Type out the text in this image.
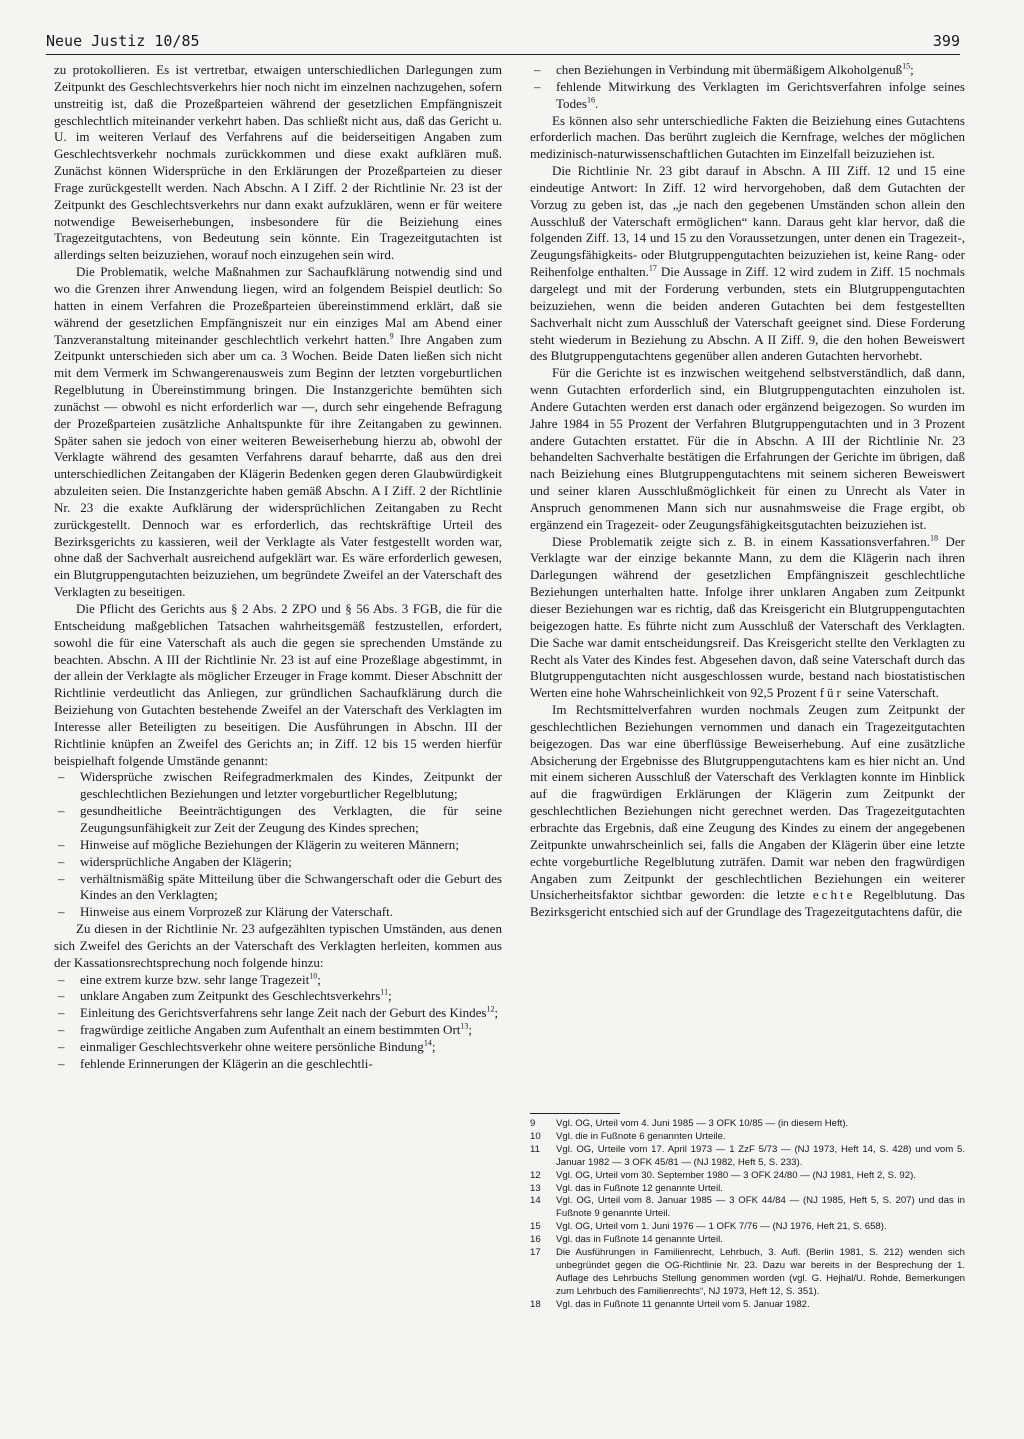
Neue Justiz 10/85	399

zu protokollieren. Es ist vertretbar, etwaigen unterschiedlichen Darlegungen zum Zeitpunkt des Geschlechtsverkehrs hier noch nicht im einzelnen nachzugehen, sofern unstreitig ist, daß die Prozeßparteien während der gesetzlichen Empfängniszeit geschlechtlich miteinander verkehrt haben. Das schließt nicht aus, daß das Gericht u. U. im weiteren Verlauf des Verfahrens auf die beiderseitigen Angaben zum Geschlechtsverkehr nochmals zurückkommen und diese exakt aufklären muß. Zunächst können Widersprüche in den Erklärungen der Prozeßparteien zu dieser Frage zurückgestellt werden. Nach Abschn. A I Ziff. 2 der Richtlinie Nr. 23 ist der Zeitpunkt des Geschlechtsverkehrs nur dann exakt aufzuklären, wenn er für weitere notwendige Beweiserhebungen, insbesondere für die Beiziehung eines Tragezeitgutachtens, von Bedeutung sein könnte. Ein Tragezeitgutachten ist allerdings selten beizuziehen, worauf noch einzugehen sein wird.

Die Problematik, welche Maßnahmen zur Sachaufklärung notwendig sind und wo die Grenzen ihrer Anwendung liegen, wird an folgendem Beispiel deutlich: So hatten in einem Verfahren die Prozeßparteien übereinstimmend erklärt, daß sie während der gesetzlichen Empfängniszeit nur ein einziges Mal am Abend einer Tanzveranstaltung miteinander geschlechtlich verkehrt hatten.$^9$ Ihre Angaben zum Zeitpunkt unterschieden sich aber um ca. 3 Wochen. Beide Daten ließen sich nicht mit dem Vermerk im Schwangerenausweis zum Beginn der letzten vorgeburtlichen Regelblutung in Übereinstimmung bringen. Die Instanzgerichte bemühten sich zunächst — obwohl es nicht erforderlich war —, durch sehr eingehende Befragung der Prozeßparteien zusätzliche Anhaltspunkte für ihre Zeitangaben zu gewinnen. Später sahen sie jedoch von einer weiteren Beweiserhebung hierzu ab, obwohl der Verklagte während des gesamten Verfahrens darauf beharrte, daß aus den drei unterschiedlichen Zeitangaben der Klägerin Bedenken gegen deren Glaubwürdigkeit abzuleiten seien. Die Instanzgerichte haben gemäß Abschn. A I Ziff. 2 der Richtlinie Nr. 23 die exakte Aufklärung der widersprüchlichen Zeitangaben zu Recht zurückgestellt. Dennoch war es erforderlich, das rechtskräftige Urteil des Bezirksgerichts zu kassieren, weil der Verklagte als Vater festgestellt worden war, ohne daß der Sachverhalt ausreichend aufgeklärt war. Es wäre erforderlich gewesen, ein Blutgruppengutachten beizuziehen, um begründete Zweifel an der Vaterschaft des Verklagten zu beseitigen.

Die Pflicht des Gerichts aus § 2 Abs. 2 ZPO und § 56 Abs. 3 FGB, die für die Entscheidung maßgeblichen Tatsachen wahrheitsgemäß festzustellen, erfordert, sowohl die für eine Vaterschaft als auch die gegen sie sprechenden Umstände zu beachten. Abschn. A III der Richtlinie Nr. 23 ist auf eine Prozeßlage abgestimmt, in der allein der Verklagte als möglicher Erzeuger in Frage kommt. Dieser Abschnitt der Richtlinie verdeutlicht das Anliegen, zur gründlichen Sachaufklärung durch die Beiziehung von Gutachten bestehende Zweifel an der Vaterschaft des Verklagten im Interesse aller Beteiligten zu beseitigen. Die Ausführungen in Abschn. III der Richtlinie knüpfen an Zweifel des Gerichts an; in Ziff. 12 bis 15 werden hierfür beispielhaft folgende Umstände genannt:

– Widersprüche zwischen Reifegradmerkmalen des Kindes, Zeitpunkt der geschlechtlichen Beziehungen und letzter vorgeburtlicher Regelblutung;
– gesundheitliche Beeinträchtigungen des Verklagten, die für seine Zeugungsunfähigkeit zur Zeit der Zeugung des Kindes sprechen;
– Hinweise auf mögliche Beziehungen der Klägerin zu weiteren Männern;
– widersprüchliche Angaben der Klägerin;
– verhältnismäßig späte Mitteilung über die Schwangerschaft oder die Geburt des Kindes an den Verklagten;
– Hinweise aus einem Vorprozeß zur Klärung der Vaterschaft.

Zu diesen in der Richtlinie Nr. 23 aufgezählten typischen Umständen, aus denen sich Zweifel des Gerichts an der Vaterschaft des Verklagten herleiten, kommen aus der Kassationsrechtsprechung noch folgende hinzu:

– eine extrem kurze bzw. sehr lange Tragezeit$^{10}$;
– unklare Angaben zum Zeitpunkt des Geschlechtsverkehrs$^{11}$;
– Einleitung des Gerichtsverfahrens sehr lange Zeit nach der Geburt des Kindes$^{12}$;
– fragwürdige zeitliche Angaben zum Aufenthalt an einem bestimmten Ort$^{13}$;
– einmaliger Geschlechtsverkehr ohne weitere persönliche Bindung$^{14}$;
– fehlende Erinnerungen der Klägerin an die geschlechtli-
– chen Beziehungen in Verbindung mit übermäßigem Alkoholgenuß$^{15}$;
– fehlende Mitwirkung des Verklagten im Gerichtsverfahren infolge seines Todes$^{16}$.

Es können also sehr unterschiedliche Fakten die Beiziehung eines Gutachtens erforderlich machen. Das berührt zugleich die Kernfrage, welches der möglichen medizinisch-naturwissenschaftlichen Gutachten im Einzelfall beizuziehen ist.

Die Richtlinie Nr. 23 gibt darauf in Abschn. A III Ziff. 12 und 15 eine eindeutige Antwort: In Ziff. 12 wird hervorgehoben, daß dem Gutachten der Vorzug zu geben ist, das „je nach den gegebenen Umständen schon allein den Ausschluß der Vaterschaft ermöglichen“ kann. Daraus geht klar hervor, daß die folgenden Ziff. 13, 14 und 15 zu den Voraussetzungen, unter denen ein Tragezeit-, Zeugungsfähigkeits- oder Blutgruppengutachten beizuziehen ist, keine Rang- oder Reihenfolge enthalten.$^{17}$ Die Aussage in Ziff. 12 wird zudem in Ziff. 15 nochmals dargelegt und mit der Forderung verbunden, stets ein Blutgruppengutachten beizuziehen, wenn die beiden anderen Gutachten bei dem festgestellten Sachverhalt nicht zum Ausschluß der Vaterschaft geeignet sind. Diese Forderung steht wiederum in Beziehung zu Abschn. A II Ziff. 9, die den hohen Beweiswert des Blutgruppengutachtens gegenüber allen anderen Gutachten hervorhebt.

Für die Gerichte ist es inzwischen weitgehend selbstverständlich, daß dann, wenn Gutachten erforderlich sind, ein Blutgruppengutachten einzuholen ist. Andere Gutachten werden erst danach oder ergänzend beigezogen. So wurden im Jahre 1984 in 55 Prozent der Verfahren Blutgruppengutachten und in 3 Prozent andere Gutachten erstattet. Für die in Abschn. A III der Richtlinie Nr. 23 behandelten Sachverhalte bestätigen die Erfahrungen der Gerichte im übrigen, daß nach Beiziehung eines Blutgruppengutachtens mit seinem sicheren Beweiswert und seiner klaren Ausschlußmöglichkeit für einen zu Unrecht als Vater in Anspruch genommenen Mann sich nur ausnahmsweise die Frage ergibt, ob ergänzend ein Tragezeit- oder Zeugungsfähigkeitsgutachten beizuziehen ist.

Diese Problematik zeigte sich z. B. in einem Kassationsverfahren.$^{18}$ Der Verklagte war der einzige bekannte Mann, zu dem die Klägerin nach ihren Darlegungen während der gesetzlichen Empfängniszeit geschlechtliche Beziehungen unterhalten hatte. Infolge ihrer unklaren Angaben zum Zeitpunkt dieser Beziehungen war es richtig, daß das Kreisgericht ein Blutgruppengutachten beigezogen hatte. Es führte nicht zum Ausschluß der Vaterschaft des Verklagten. Die Sache war damit entscheidungsreif. Das Kreisgericht stellte den Verklagten zu Recht als Vater des Kindes fest. Abgesehen davon, daß seine Vaterschaft durch das Blutgruppengutachten nicht ausgeschlossen wurde, bestand nach biostatistischen Werten eine hohe Wahrscheinlichkeit von 92,5 Prozent für seine Vaterschaft.

Im Rechtsmittelverfahren wurden nochmals Zeugen zum Zeitpunkt der geschlechtlichen Beziehungen vernommen und danach ein Tragezeitgutachten beigezogen. Das war eine überflüssige Beweiserhebung. Auf eine zusätzliche Absicherung der Ergebnisse des Blutgruppengutachtens kam es hier nicht an. Und mit einem sicheren Ausschluß der Vaterschaft des Verklagten konnte im Hinblick auf die fragwürdigen Erklärungen der Klägerin zum Zeitpunkt der geschlechtlichen Beziehungen nicht gerechnet werden. Das Tragezeitgutachten erbrachte das Ergebnis, daß eine Zeugung des Kindes zu einem der angegebenen Zeitpunkte unwahrscheinlich sei, falls die Angaben der Klägerin über eine letzte echte vorgeburtliche Regelblutung zuträfen. Damit war neben den fragwürdigen Angaben zum Zeitpunkt der geschlechtlichen Beziehungen ein weiterer Unsicherheitsfaktor sichtbar geworden: die letzte echte Regelblutung. Das Bezirksgericht entschied sich auf der Grundlage des Tragezeitgutachtens dafür, die

9	Vgl. OG, Urteil vom 4. Juni 1985 — 3 OFK 10/85 — (in diesem Heft).
10	Vgl. die in Fußnote 6 genannten Urteile.
11	Vgl. OG, Urteile vom 17. April 1973 — 1 ZzF 5/73 — (NJ 1973, Heft 14, S. 428) und vom 5. Januar 1982 — 3 OFK 45/81 — (NJ 1982, Heft 5, S. 233).
12	Vgl. OG, Urteil vom 30. September 1980 — 3 OFK 24/80 — (NJ 1981, Heft 2, S. 92).
13	Vgl. das in Fußnote 12 genannte Urteil.
14	Vgl. OG, Urteil vom 8. Januar 1985 — 3 OFK 44/84 — (NJ 1985, Heft 5, S. 207) und das in Fußnote 9 genannte Urteil.
15	Vgl. OG, Urteil vom 1. Juni 1976 — 1 OFK 7/76 — (NJ 1976, Heft 21, S. 658).
16	Vgl. das in Fußnote 14 genannte Urteil.
17	Die Ausführungen in Familienrecht, Lehrbuch, 3. Aufl. (Berlin 1981, S. 212) wenden sich unbegründet gegen die OG-Richtlinie Nr. 23. Dazu war bereits in der Besprechung der 1. Auflage des Lehrbuchs Stellung genommen worden (vgl. G. Hejhal/U. Rohde, Bemerkungen zum Lehrbuch des Familienrechts“, NJ 1973, Heft 12, S. 351).
18	Vgl. das in Fußnote 11 genannte Urteil vom 5. Januar 1982.
